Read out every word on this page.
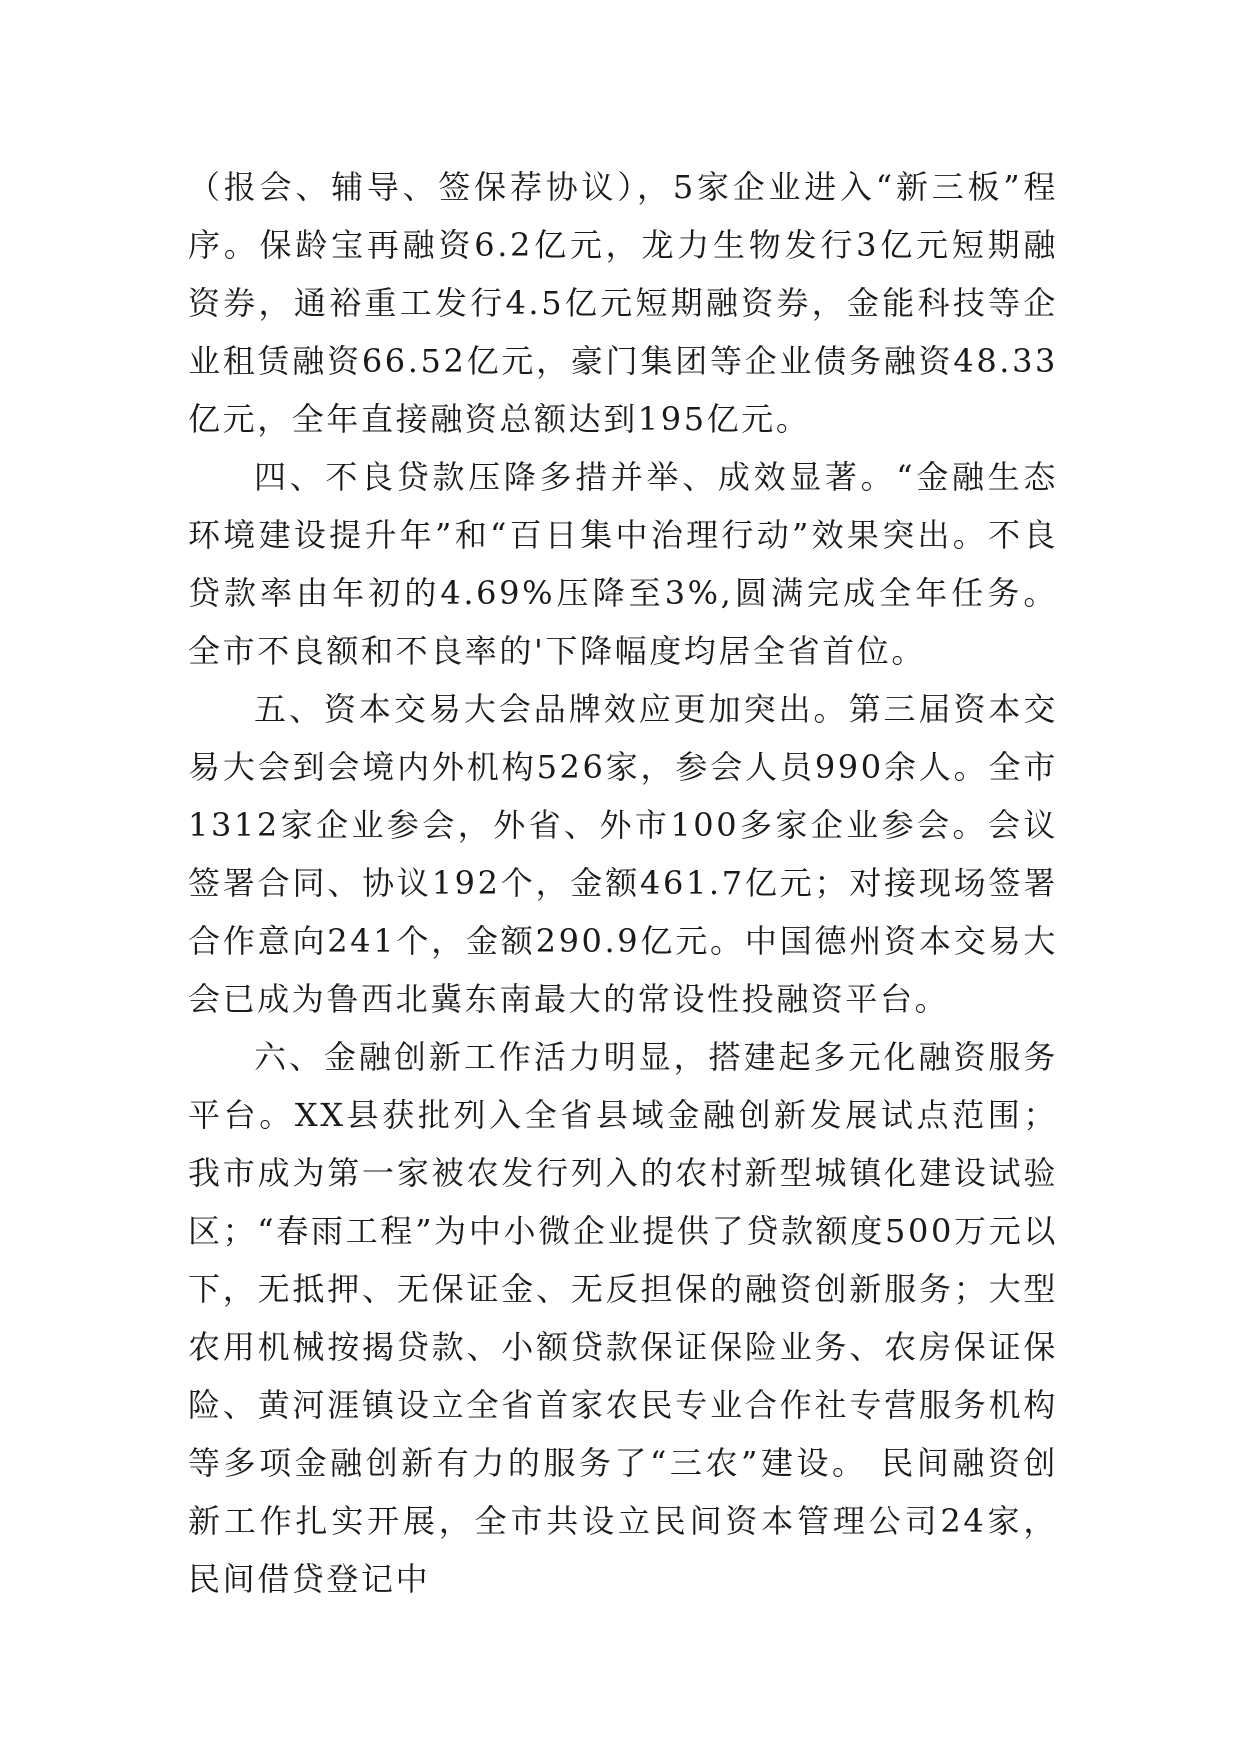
（报会、辅导、签保荐协议），5家企业进入“新三板”程序。保龄宝再融资6.2亿元，龙力生物发行3亿元短期融资券，通裕重工发行4.5亿元短期融资券，金能科技等企业租赁融资66.52亿元，豪门集团等企业债务融资48.33亿元，全年直接融资总额达到195亿元。

四、不良贷款压降多措并举、成效显著。“金融生态环境建设提升年”和“百日集中治理行动”效果突出。不良贷款率由年初的4.69%压降至3%,圆满完成全年任务。全市不良额和不良率的'下降幅度均居全省首位。

五、资本交易大会品牌效应更加突出。第三届资本交易大会到会境内外机构526家，参会人员990余人。全市1312家企业参会，外省、外市100多家企业参会。会议签署合同、协议192个，金额461.7亿元；对接现场签署合作意向241个，金额290.9亿元。中国德州资本交易大会已成为鲁西北冀东南最大的常设性投融资平台。

六、金融创新工作活力明显，搭建起多元化融资服务平台。XX县获批列入全省县域金融创新发展试点范围；我市成为第一家被农发行列入的农村新型城镇化建设试验区；“春雨工程”为中小微企业提供了贷款额度500万元以下，无抵押、无保证金、无反担保的融资创新服务；大型农用机械按揭贷款、小额贷款保证保险业务、农房保证保险、黄河涯镇设立全省首家农民专业合作社专营服务机构等多项金融创新有力的服务了“三农”建设。 民间融资创新工作扎实开展，全市共设立民间资本管理公司24家，民间借贷登记中
